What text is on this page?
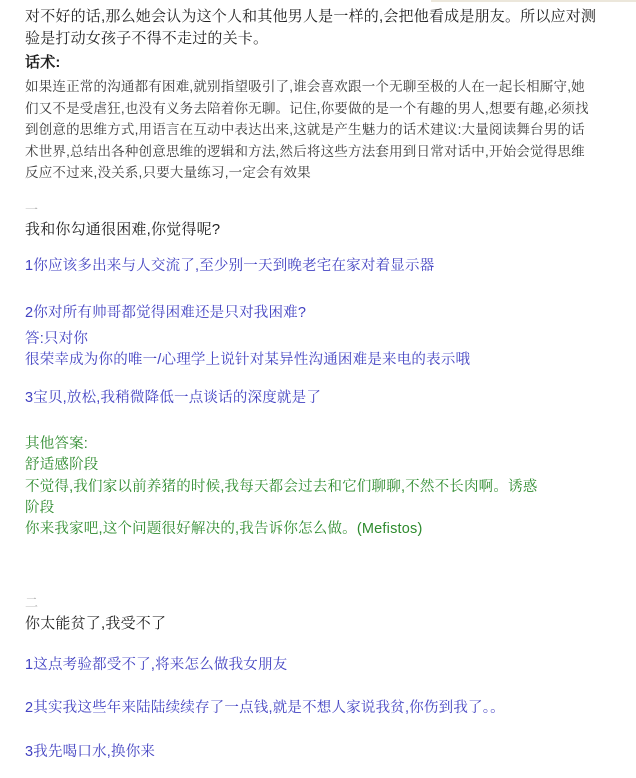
对不好的话,那么她会认为这个人和其他男人是一样的,会把他看成是朋友。所以应对测验是打动女孩子不得不走过的关卡。
话术:
如果连正常的沟通都有困难,就别指望吸引了,谁会喜欢跟一个无聊至极的人在一起长相厮守,她们又不是受虐狂,也没有义务去陪着你无聊。记住,你要做的是一个有趣的男人,想要有趣,必须找到创意的思维方式,用语言在互动中表达出来,这就是产生魅力的话术建议:大量阅读舞台男的话术世界,总结出各种创意思维的逻辑和方法,然后将这些方法套用到日常对话中,开始会觉得思维反应不过来,没关系,只要大量练习,一定会有效果
一
我和你勾通很困难,你觉得呢?
1你应该多出来与人交流了,至少别一天到晚老宅在家对着显示器
2你对所有帅哥都觉得困难还是只对我困难?
答:只对你
很荣幸成为你的唯一/心理学上说针对某异性沟通困难是来电的表示哦
3宝贝,放松,我稍微降低一点谈话的深度就是了
其他答案:
舒适感阶段
不觉得,我们家以前养猪的时候,我每天都会过去和它们聊聊,不然不长肉啊。诱惑
阶段
你来我家吧,这个问题很好解决的,我告诉你怎么做。(Mefistos)
二
你太能贫了,我受不了
1这点考验都受不了,将来怎么做我女朋友
2其实我这些年来陆陆续续存了一点钱,就是不想人家说我贫,你伤到我了。。
3我先喝口水,换你来
